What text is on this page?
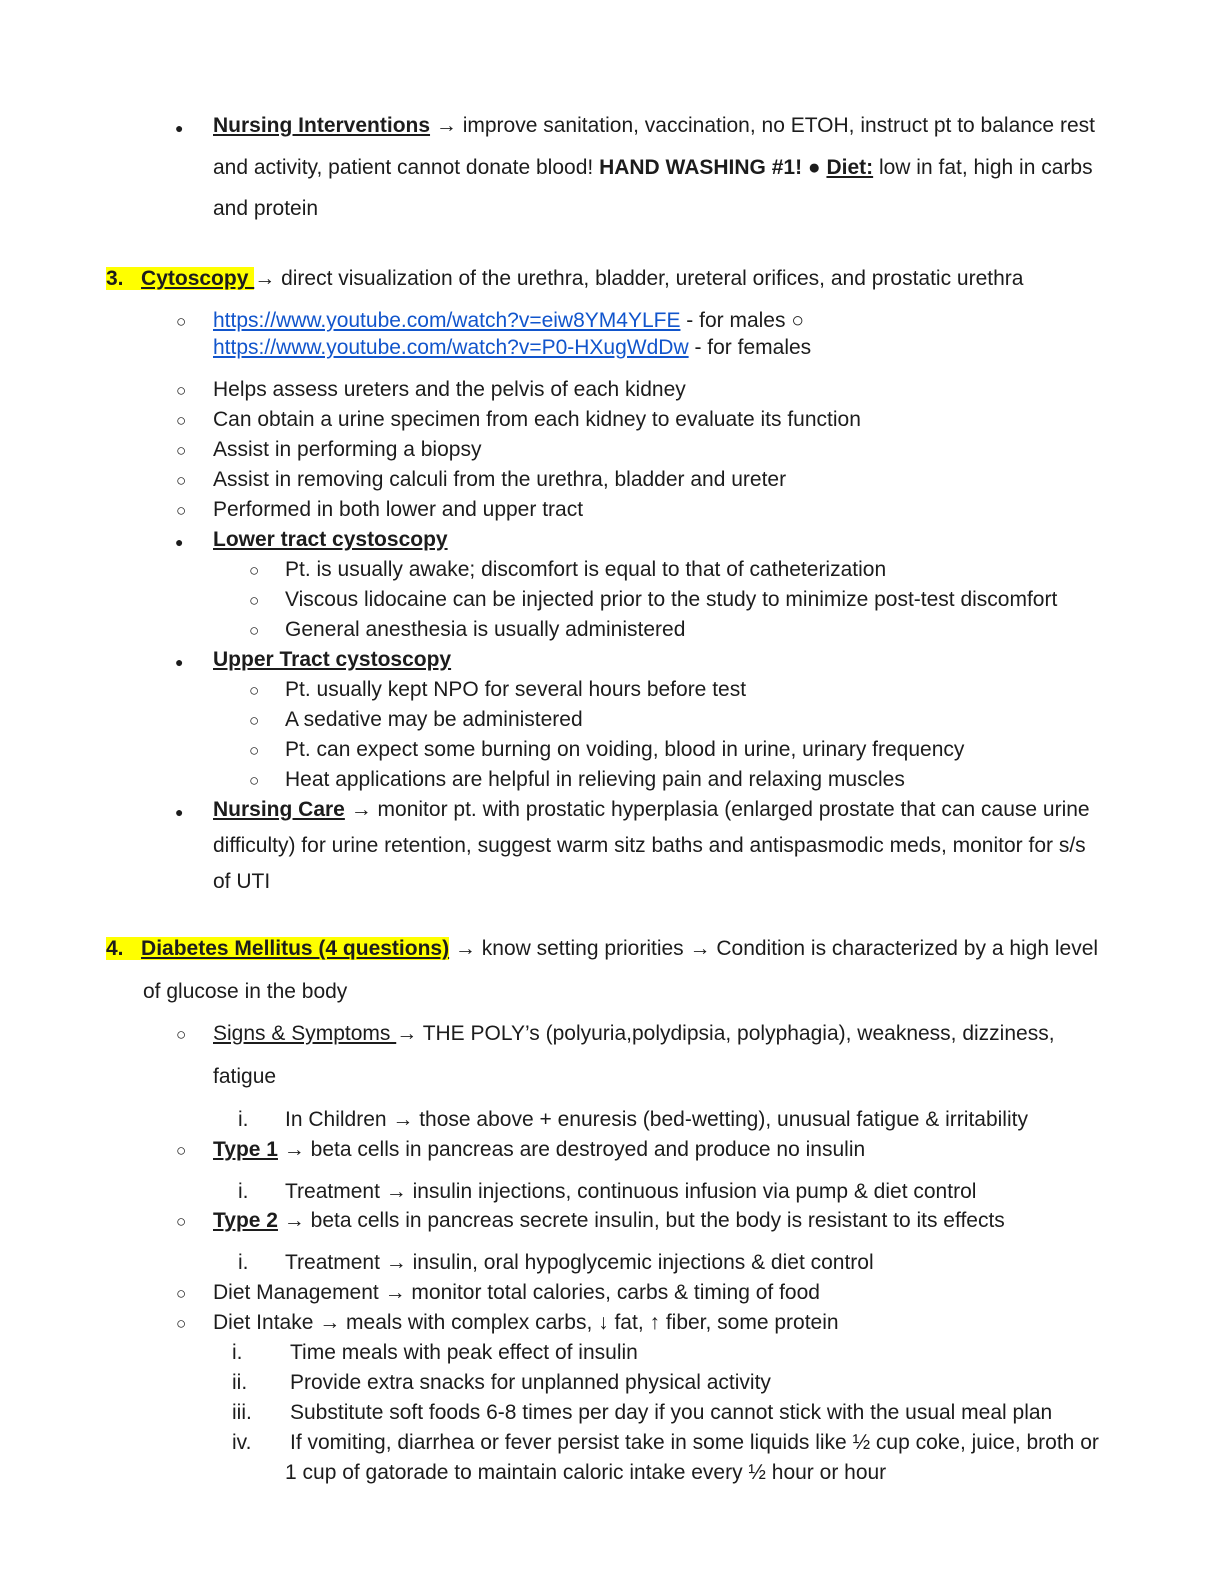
● Nursing Interventions → improve sanitation, vaccination, no ETOH, instruct pt to balance rest
and activity, patient cannot donate blood! HAND WASHING #1! ● Diet: low in fat, high in carbs
and protein
3. Cytoscopy → direct visualization of the urethra, bladder, ureteral orifices, and prostatic urethra
○ https://www.youtube.com/watch?v=eiw8YM4YLFE - for males ○
https://www.youtube.com/watch?v=P0-HXugWdDw - for females
○ Helps assess ureters and the pelvis of each kidney
○ Can obtain a urine specimen from each kidney to evaluate its function
○ Assist in performing a biopsy
○ Assist in removing calculi from the urethra, bladder and ureter
○ Performed in both lower and upper tract
● Lower tract cystoscopy
○ Pt. is usually awake; discomfort is equal to that of catheterization
○ Viscous lidocaine can be injected prior to the study to minimize post-test discomfort
○ General anesthesia is usually administered
● Upper Tract cystoscopy
○ Pt. usually kept NPO for several hours before test
○ A sedative may be administered
○ Pt. can expect some burning on voiding, blood in urine, urinary frequency
○ Heat applications are helpful in relieving pain and relaxing muscles
● Nursing Care → monitor pt. with prostatic hyperplasia (enlarged prostate that can cause urine
difficulty) for urine retention, suggest warm sitz baths and antispasmodic meds, monitor for s/s
of UTI
4. Diabetes Mellitus (4 questions) → know setting priorities → Condition is characterized by a high level
of glucose in the body
○ Signs & Symptoms → THE POLY’s (polyuria,polydipsia, polyphagia), weakness, dizziness,
fatigue
i. In Children → those above + enuresis (bed-wetting), unusual fatigue & irritability
○ Type 1 → beta cells in pancreas are destroyed and produce no insulin
i. Treatment → insulin injections, continuous infusion via pump & diet control
○ Type 2 → beta cells in pancreas secrete insulin, but the body is resistant to its effects
i. Treatment → insulin, oral hypoglycemic injections & diet control
○ Diet Management → monitor total calories, carbs & timing of food
○ Diet Intake → meals with complex carbs, ↓ fat, ↑ fiber, some protein
i. Time meals with peak effect of insulin
ii. Provide extra snacks for unplanned physical activity
iii. Substitute soft foods 6-8 times per day if you cannot stick with the usual meal plan
iv. If vomiting, diarrhea or fever persist take in some liquids like ½ cup coke, juice, broth or
1 cup of gatorade to maintain caloric intake every ½ hour or hour
